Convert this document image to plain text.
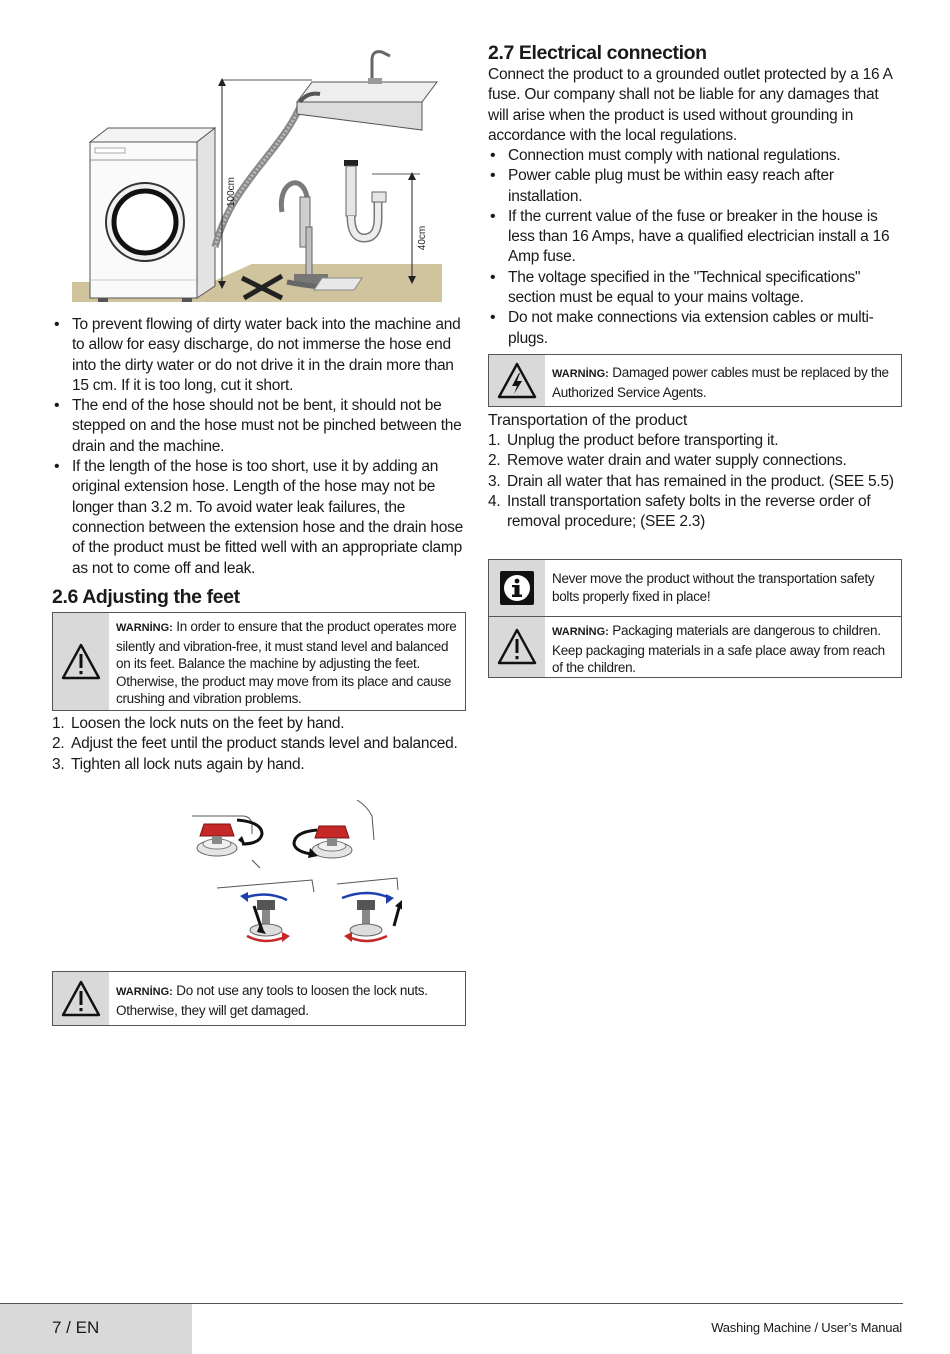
100cm
40cm
• To prevent flowing of dirty water back into the machine and to allow for easy discharge, do not immerse the hose end into the dirty water or do not drive it in the drain more than 15 cm. If it is too long, cut it short.
• The end of the hose should not be bent, it should not be stepped on and the hose must not be pinched between the drain and the machine.
• If the length of the hose is too short, use it by adding an original extension hose. Length of the hose may not be longer than 3.2 m. To avoid water leak failures, the connection between the extension hose and the drain hose of the product must be fitted well with an appropriate clamp as not to come off and leak.
2.6 Adjusting the feet
WARNİNG: In order to ensure that the product operates more silently and vibration-free, it must stand level and balanced on its feet. Balance the machine by adjusting the feet. Otherwise, the product may move from its place and cause crushing and vibration problems.
1. Loosen the lock nuts on the feet by hand.
2. Adjust the feet until the product stands level and balanced.
3. Tighten all lock nuts again by hand.
WARNİNG: Do not use any tools to loosen the lock nuts. Otherwise, they will get damaged.
2.7 Electrical connection

Connect the product to a grounded outlet protected by a 16 A fuse. Our company shall not be liable for any damages that will arise when the product is used without grounding in accordance with the local regulations.

• Connection must comply with national regulations.
• Power cable plug must be within easy reach after installation.
• If the current value of the fuse or breaker in the house is less than 16 Amps, have a qualified electrician install a 16 Amp fuse.
• The voltage specified in the "Technical specifications" section must be equal to your mains voltage.
• Do not make connections via extension cables or multi-plugs.
WARNİNG: Damaged power cables must be replaced by the Authorized Service Agents.
Transportation of the product
1. Unplug the product before transporting it.
2. Remove water drain and water supply connections.
3. Drain all water that has remained in the product. (SEE 5.5)
4. Install transportation safety bolts in the reverse order of removal procedure; (SEE 2.3)
Never move the product without the transportation safety bolts properly fixed in place!
WARNİNG: Packaging materials are dangerous to children. Keep packaging materials in a safe place away from reach of the children.
7 / EN	Washing Machine / User’s Manual
